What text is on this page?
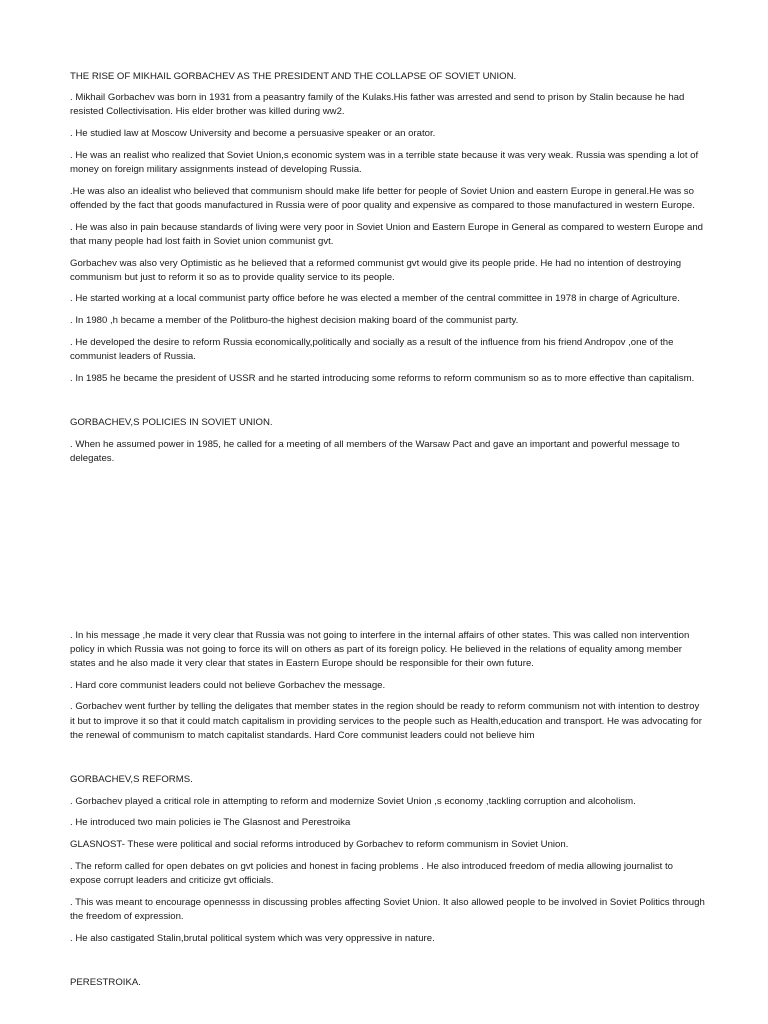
THE RISE OF MIKHAIL GORBACHEV AS THE PRESIDENT AND THE COLLAPSE OF SOVIET UNION.

. Mikhail Gorbachev was born in 1931 from a peasantry family of the Kulaks.His father was arrested and send to prison by Stalin because he had resisted Collectivisation. His elder brother was killed during ww2.

. He studied law at Moscow University and become a persuasive speaker or an orator.

. He was an realist who realized that Soviet Union,s economic system was in a terrible state because it was very weak. Russia was spending a lot of money on foreign military assignments instead of developing Russia.

.He was also an idealist who believed that communism should make life better for people of Soviet Union and eastern Europe in general.He was so offended by the fact that goods manufactured in Russia were of poor quality and expensive as compared to those manufactured in western Europe.

. He was also in pain because standards of living were very poor in Soviet Union and Eastern Europe in General as compared to western Europe and that many people had lost faith in Soviet union communist gvt.

Gorbachev was also very Optimistic as he believed that a reformed communist gvt would give its people pride. He had no intention of destroying communism but just to reform it so as to provide quality service to its people.

. He started working at a local communist party office before he was elected a member of the central committee in 1978 in charge of Agriculture.

. In 1980 ,h became a member of the Politburo-the highest decision making board of the communist party.

. He developed the desire to reform Russia economically,politically and socially as a result of the influence from his friend Andropov ,one of the communist leaders of Russia.

. In 1985 he became the president of USSR and he started introducing some reforms to reform communism so as to more effective than capitalism.

GORBACHEV,S POLICIES IN SOVIET UNION.

. When he assumed power in 1985, he called for a meeting of all members of the Warsaw Pact and gave an important and powerful message to delegates.

. In his message ,he made it very clear that Russia was not going to interfere in the internal affairs of other states. This was called non intervention policy in which Russia was not going to force its will on others as part of its foreign policy. He believed in the relations of equality among member states and he also made it very clear that states in Eastern Europe should be responsible for their own future.

. Hard core communist leaders could not believe Gorbachev the message.

. Gorbachev went further by telling the deligates that member states in the region should be ready to reform communism not with intention to destroy it but to improve it so that it could match capitalism in providing services to the people such as Health,education and transport. He was advocating for the renewal of communism to match capitalist standards. Hard Core communist leaders could not believe him

GORBACHEV,S REFORMS.

. Gorbachev played a critical role in attempting to reform and modernize Soviet Union ,s economy ,tackling corruption and alcoholism.

. He introduced two main policies ie The Glasnost and Perestroika

GLASNOST- These were political and social reforms introduced by Gorbachev to reform communism in Soviet Union.

. The reform called for open debates on gvt policies and honest in facing problems . He also introduced freedom of media allowing journalist to expose corrupt leaders and criticize gvt officials.

. This was meant to encourage opennesss in discussing probles affecting Soviet Union. It also allowed people to be involved in Soviet Politics through the freedom of expression.

. He also castigated Stalin,brutal political system which was very oppressive in nature.

PERESTROIKA.
